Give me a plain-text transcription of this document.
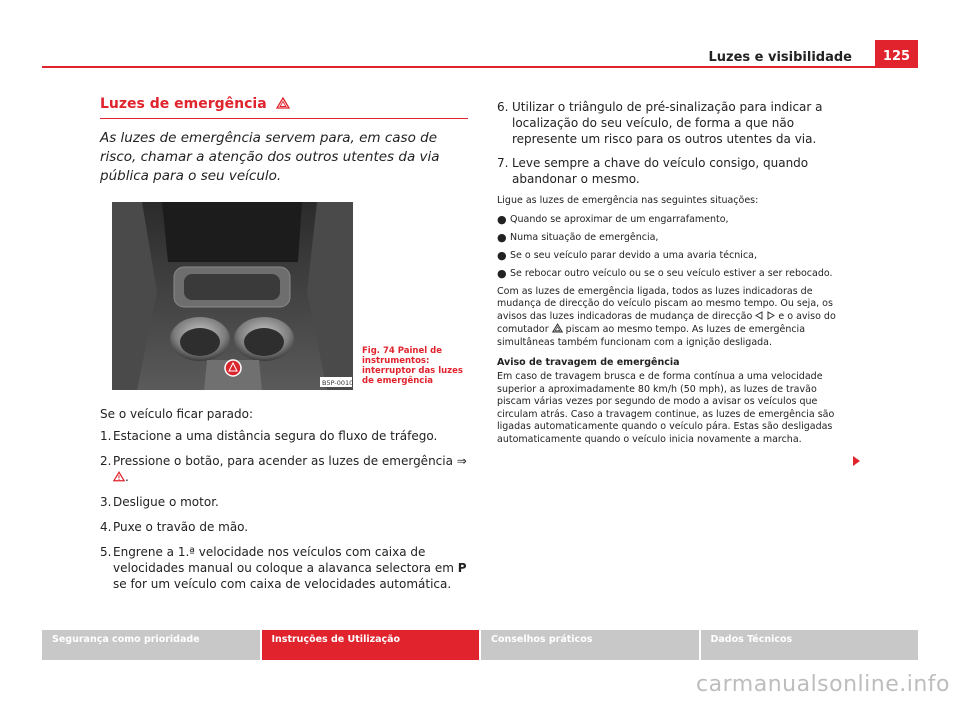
Luzes e visibilidade	125
Luzes de emergência
As luzes de emergência servem para, em caso de risco, chamar a atenção dos outros utentes da via pública para o seu veículo.
B5P-0010
Fig. 74 Painel de instrumentos: interruptor das luzes de emergência
Se o veículo ficar parado:
1. Estacione a uma distância segura do fluxo de tráfego.
2. Pressione o botão, para acender as luzes de emergência ⇒ .
3. Desligue o motor.
4. Puxe o travão de mão.
5. Engrene a 1.ª velocidade nos veículos com caixa de velocidades manual ou coloque a alavanca selectora em P se for um veículo com caixa de velocidades automática.
6. Utilizar o triângulo de pré-sinalização para indicar a localização do seu veículo, de forma a que não represente um risco para os outros utentes da via.
7. Leve sempre a chave do veículo consigo, quando abandonar o mesmo.
Ligue as luzes de emergência nas seguintes situações:
● Quando se aproximar de um engarrafamento,
● Numa situação de emergência,
● Se o seu veículo parar devido a uma avaria técnica,
● Se rebocar outro veículo ou se o seu veículo estiver a ser rebocado.
Com as luzes de emergência ligada, todos as luzes indicadoras de mudança de direcção do veículo piscam ao mesmo tempo. Ou seja, os avisos das luzes indicadoras de mudança de direcção	e o aviso do comutador piscam ao mesmo tempo. As luzes de emergência simultâneas também funcionam com a ignição desligada.
Aviso de travagem de emergência
Em caso de travagem brusca e de forma contínua a uma velocidade superior a aproximadamente 80 km/h (50 mph), as luzes de travão piscam várias vezes por segundo de modo a avisar os veículos que circulam atrás. Caso a travagem continue, as luzes de emergência são ligadas automaticamente quando o veículo pára. Estas são desligadas automaticamente quando o veículo inicia novamente a marcha.
Segurança como prioridade	Instruções de Utilização	Conselhos práticos	Dados Técnicos
carmanualsonline.info
